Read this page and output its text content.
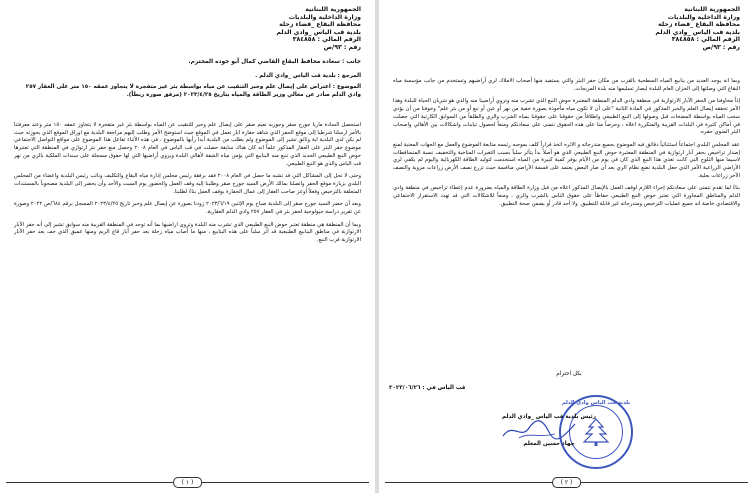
الجمهورية اللبنانية
وزارة الداخلية والبلديات
محافظة البقاع _قضاء زحلة
بلدية قب الياس _وادي الدلم
الرقم المالي : ٣٨٤٨٥٨
رقم : ٩٣/ص
جانب : سعادة محافظ البقاع القاضي كمال أبو جوده المحترم.
المرجع : بلدية قب الياس _وادي الدلم .
الموضوع : اعتراض على إيصال علم وخبر التنقيب عن مياه بواسطة بئر غير متفجرة لا يتجاوز عمقه ١٥٠ متر على العقار ٢٥٧ وادي الدلم صادر عن معالي وزير الطاقة والمياه بتاريخ ٢٠٢٣/٤/٢٥ (مرفق صورة ربطاً).

استحصل السادة ماريا جورج صقر وجوزيه نعيم صقر على إيصال علم وخبر للتنقيب عن المياه بواسطة بئر غير متفجرة لا يتجاوز عمقه ١٥٠ متر وعند معرفتنا بالأمر ارسلنا شرطيا إلى موقع الحفر الذي شاهد حفارة ابار تعمل في الموقع حيث استوضح الأمر وطلب إليهم مراجعة البلدية مع اوراق الموقع الذي بحوزته حيث لم يكن لدى البلدية اية وثائق تشير إلى الموضوع ولم يطلب من البلدية أبدا رأيها بالموضوع ، في هذه الأثناء تفاعل هذا الموضوع على مواقع التواصل الاجتماعي موضوع حفر البئر على العقار المذكور علماً انه كان هناك سابقة حصلت في قب الياس في العام ٢٠٠٨ وحصل منع حفر بئر ارتوازي في المنطقة التي تعتبرها حوض النبع الطبيعي الحديد الذي تنبع منه الينابيع التي يؤمن مياه الشفة لأهالي البلدة ويروي أراضيها التي لها حقوق مسجلة على سندات الملكية بالري من نهر قب الياس والذي هو النبع الطبيعي.

وحتى لا تحل إلى المشاكل التي قد تشبه ما حصل في العام ٢٠٠٨ فقد برفقة رئيس مجلس إدارة مياه البقاع والتكليف ونائب رئيس البلدية واعضاء من المجلس البلدي بزيارة موقع الحفر واتصلنا بمالك الأرض السيد جورج صقر وطلبنا إليه وقف العمل والحضور يوم السبت والأحد وأن يحضر إلى البلدية مصحوباً بالمستندات المتعلقة بالترخيص وفعلاً أوعز صاحب العقار إلى عمال الحفارة بوقف العمل بناءً لطلبنا.

وبعد أن حضر السيد جورج صقر إلى البلدية صباح يوم الإثنين ٢٠٢٣/٦/١٩ زودنا بصورة عن إيصال علم وخبر تاريخ ٢٠٢٣/٤/٢٥ المسجل برقم ٦٨٤/ص ٢٠٢٢ وصورة عن تقرير دراسة جيولوجية لحفر بئر في العقار ٢٥٧ وادي الدلم العقارية.

وبما أن المنطقة هي منطقة تعتبر حوض النبع الطبيعي الذي تشرب منه البلدة وتروى اراضيها بما أنه توجد في المنطقة القريبة منه سوابق تشير إلى أنه حفر الآبار الارتوازية في مناطق الينابيع الطبيعية قد أثر سلباً على هذه الينابيع ، منها ما أصاب مياه زحلة بعد حفر آبار قاع الريم ومنها عميق الذي جف بعد حفر الآبار الارتوازية قرب النبع.

( ١ )
الجمهورية اللبنانية
وزارة الداخلية والبلديات
محافظة البقاع _قضاء زحلة
بلدية قب الياس _وادي الدلم
الرقم المالي : ٣٨٤٨٥٨
رقم : ٩٣/ص

وبما انه يوجد العديد من ينابيع المياه السطحية بالقرب من مكان حفر البئر والتي يستفيد منها أصحاب الاملاك لري أراضيهم وتستخدم من جانب مؤسسة مياه البقاع التي وصلتها إلى الخزان العام للبلدة ليصار تسليمها منه بلدة المريجات.

إذاً مخاوفنا من الحفر الآبار الارتوازية في منطقة وادي الدلم المنطقة المعتبرة حوض النبع الذي تشرب منه وتروي أراضينا منه والذي هو شريان الحياة للبلدة وهذا الأمر تحققه إيصال العلم والخبر المذكور في المادة الثانية "على أن لا تكون مياه مأخوذة بصورة خفية من نهر أو عين أو نبع أو من بئر علم" وخوفنا من أن يؤدي سحب المياه بواسطة المضخات قبل وصولها إلى النبع الطبيعي واطلاقاً من حقوقنا على حقوقنا بمياه الشرب والري والطلقاً من السوابق الكارثية التي حصلت في أماكن كثيرة في البلدات القريبة والمتكررة اعلاه ، وحرصاً منا على هذه الحقوق نتمنى على سعادتكم ومنعاً لحصول تباينات واشكالات بين الأهالي واصحاب البئر المنوي حفره.

عقد المجلس البلدي اجتماعاً استثنائياً دقائق فيه الموضوع بجميع متدرجاته و الاثره اتخذ قراراً كلف بموجبه رئيسه متابعة الموضوع والعمل مع الجهات المعنية لمنع إصدار تراخيص بحفر آبار ارتوازية في المنطقة المعتبرة حوض النبع الطبيعي الذي هو أصلاً بدأ يتأثر سلباً بسبب التغيرات المناخية والتخفيف نسبة المتساقطات لاسيما منها الثلوج التي كانت تغذي هذا النبع الذي كان في يوم من الأيام يوفر كمية كبيرة من المياه استخدمت لتوليد الطاقة الكهربائية واليوم لم يكفي لري الأراضي الزراعية الأمر الذي جعل البلدية تضع نظام الري بعد أن صار البعض يعتمد على قسمة الأراضي منافسة حيث تزرع نصف الأرض زراعات مروية والنصف الآخر زراعات بعلية.

بناءً لما تقدم نتمنى على سعادتكم إجراء اللازم لوقف العمل بالإيصال المذكور اعلاه من قبل وزارة الطاقة والمياه بضرورة عدم إعطاء تراخيص في منطقة وادي الدلم والمناطق المجاورة التي تعتبر حوض النبع الطبيعي حفاظاً على حقوق الناس بالشرب والري ، ومنعاً للاشكالات التي قد تهدد الاستقرار الاجتماعي والاقتصادي خاصة انه جميع عمليات الترخيص ومتدرجاته غير قابلة للتطبيق. ولا أحد قادر أو يضمن صحة التطبيق.

بكل احترام
قب الياس في : ٢٠٢٣/٠٦/٢٦
بلدية قب الياس وادي الدلم
رئيس بلدية قب الياس _وادي الدلم
جهاد حسين المعلم
( ٢ )
